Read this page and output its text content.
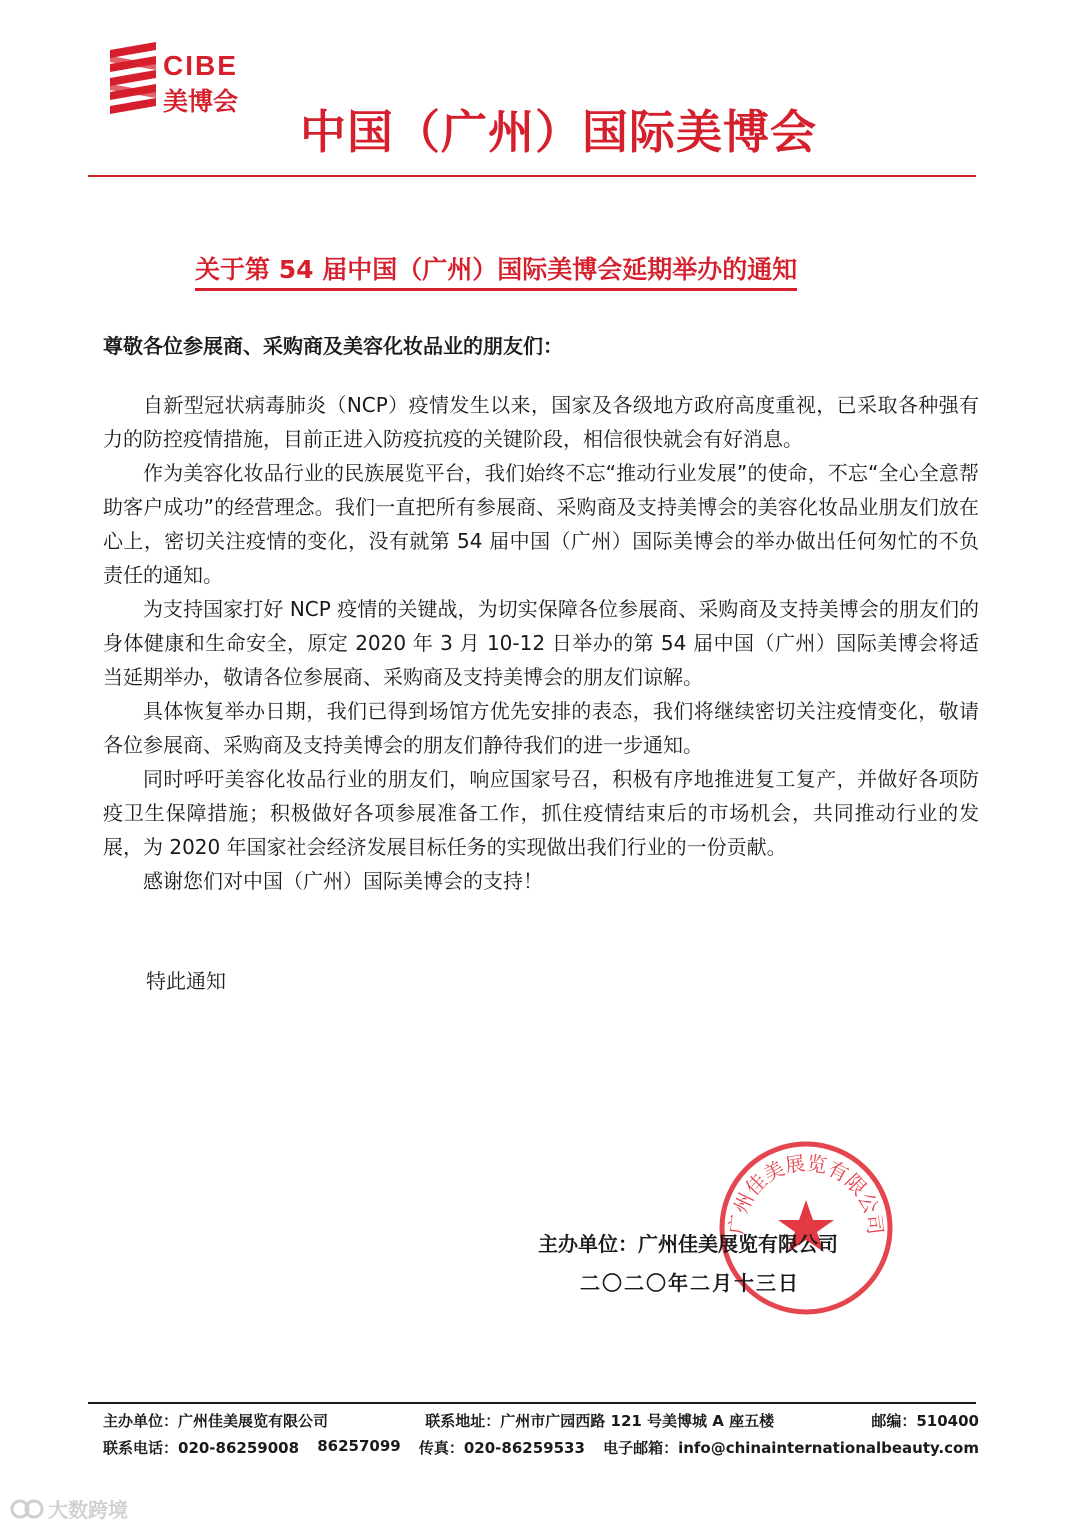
CIBE
美博会
中国（广州）国际美博会
关于第 54 届中国（广州）国际美博会延期举办的通知
尊敬各位参展商、采购商及美容化妆品业的朋友们：

自新型冠状病毒肺炎（NCP）疫情发生以来，国家及各级地方政府高度重视，已采取各种强有力的防控疫情措施，目前正进入防疫抗疫的关键阶段，相信很快就会有好消息。

作为美容化妆品行业的民族展览平台，我们始终不忘“推动行业发展”的使命，不忘“全心全意帮助客户成功”的经营理念。我们一直把所有参展商、采购商及支持美博会的美容化妆品业朋友们放在心上，密切关注疫情的变化，没有就第 54 届中国（广州）国际美博会的举办做出任何匆忙的不负责任的通知。

为支持国家打好 NCP 疫情的关键战，为切实保障各位参展商、采购商及支持美博会的朋友们的身体健康和生命安全，原定 2020 年 3 月 10-12 日举办的第 54 届中国（广州）国际美博会将适当延期举办，敬请各位参展商、采购商及支持美博会的朋友们谅解。

具体恢复举办日期，我们已得到场馆方优先安排的表态，我们将继续密切关注疫情变化，敬请各位参展商、采购商及支持美博会的朋友们静待我们的进一步通知。

同时呼吁美容化妆品行业的朋友们，响应国家号召，积极有序地推进复工复产，并做好各项防疫卫生保障措施；积极做好各项参展准备工作，抓住疫情结束后的市场机会，共同推动行业的发展，为 2020 年国家社会经济发展目标任务的实现做出我们行业的一份贡献。

感谢您们对中国（广州）国际美博会的支持！

特此通知
广州佳美展览有限公司
主办单位：广州佳美展览有限公司
二〇二〇年二月十三日
主办单位：广州佳美展览有限公司	联系地址：广州市广园西路 121 号美博城 A 座五楼	邮编：510400
联系电话：020-86259008 86257099 传真：020-86259533 电子邮箱：info@chinainternationalbeauty.com
大数跨境
